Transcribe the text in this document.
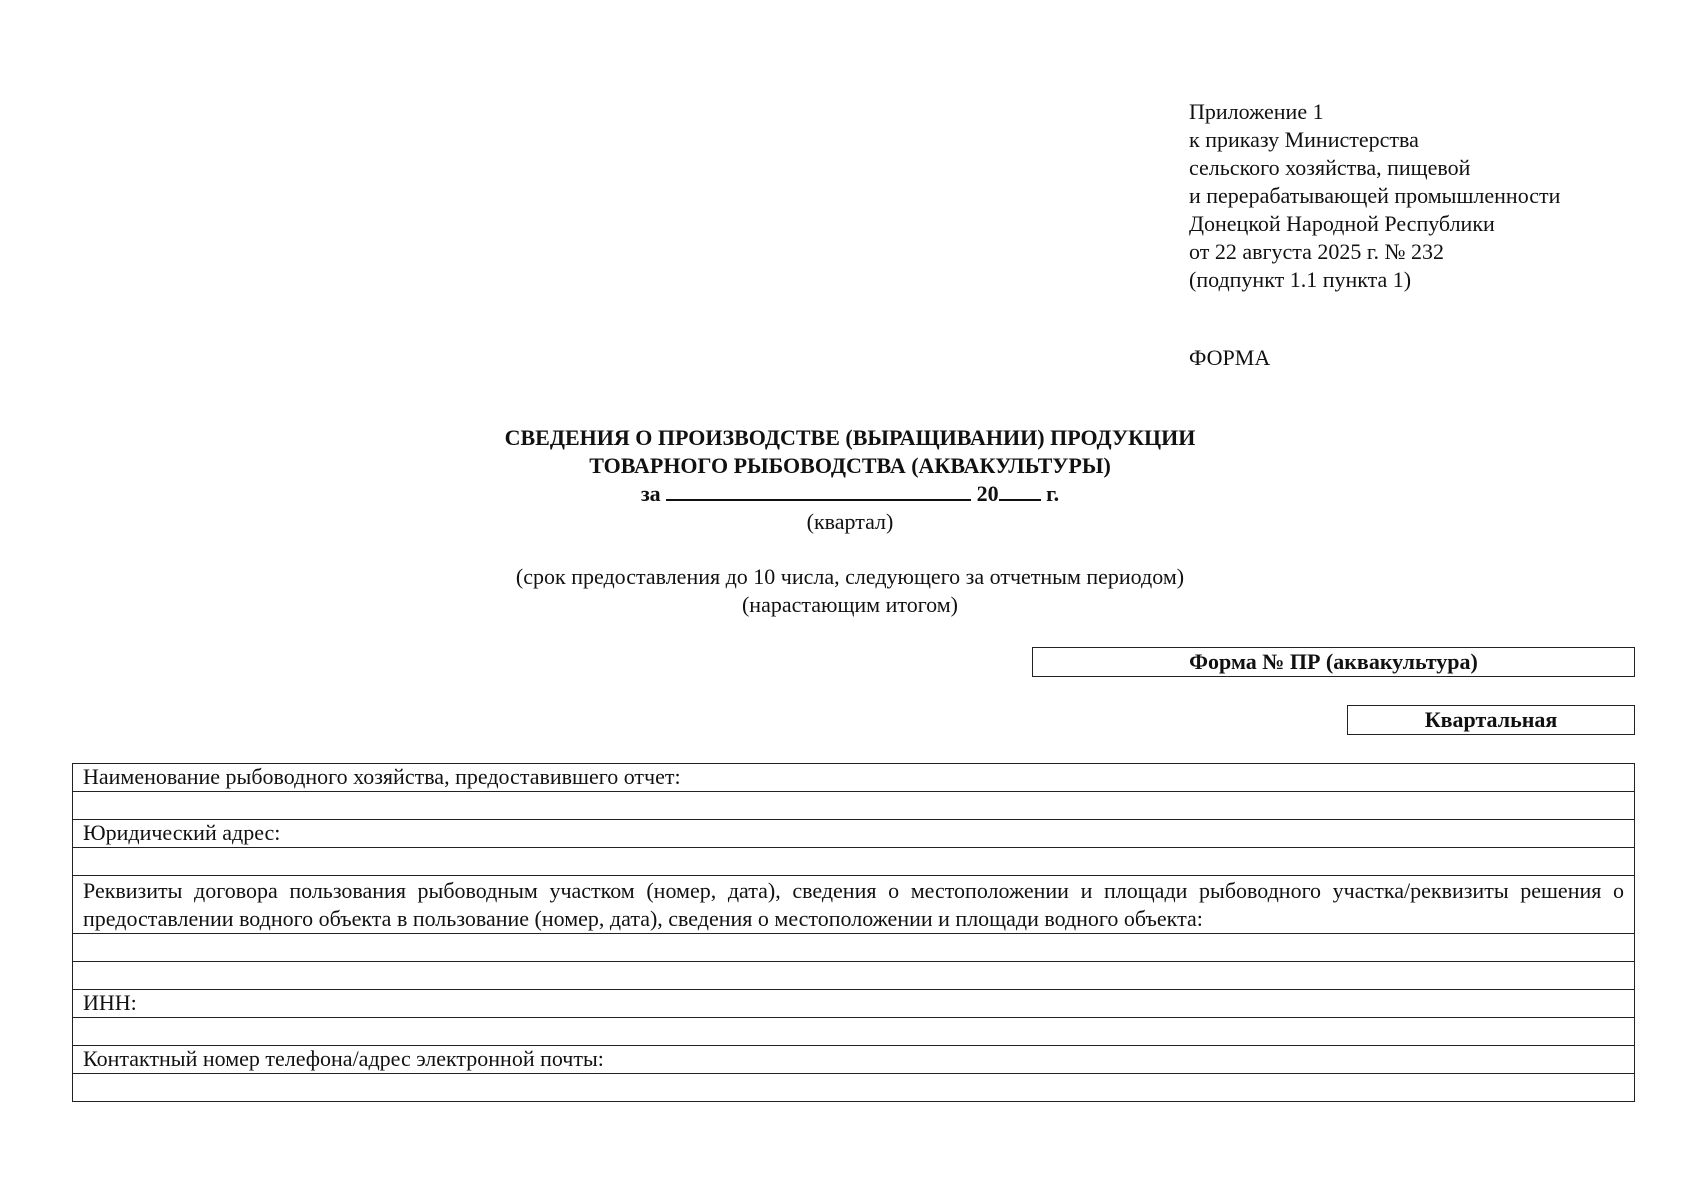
Приложение 1
к приказу Министерства
сельского хозяйства, пищевой
и перерабатывающей промышленности
Донецкой Народной Республики
от 22 августа 2025 г. № 232
(подпункт 1.1 пункта 1)
ФОРМА
СВЕДЕНИЯ О ПРОИЗВОДСТВЕ (ВЫРАЩИВАНИИ) ПРОДУКЦИИ
ТОВАРНОГО РЫБОВОДСТВА (АКВАКУЛЬТУРЫ)
за	20 г.
(квартал)
(срок предоставления до 10 числа, следующего за отчетным периодом)
(нарастающим итогом)
Форма № ПР (аквакультура)
Квартальная
Наименование рыбоводного хозяйства, предоставившего отчет:

Юридический адрес:

Реквизиты договора пользования рыбоводным участком (номер, дата), сведения о местоположении и площади рыбоводного участка/реквизиты решения о предоставлении водного объекта в пользование (номер, дата), сведения о местоположении и площади водного объекта:

ИНН:

Контактный номер телефона/адрес электронной почты:
